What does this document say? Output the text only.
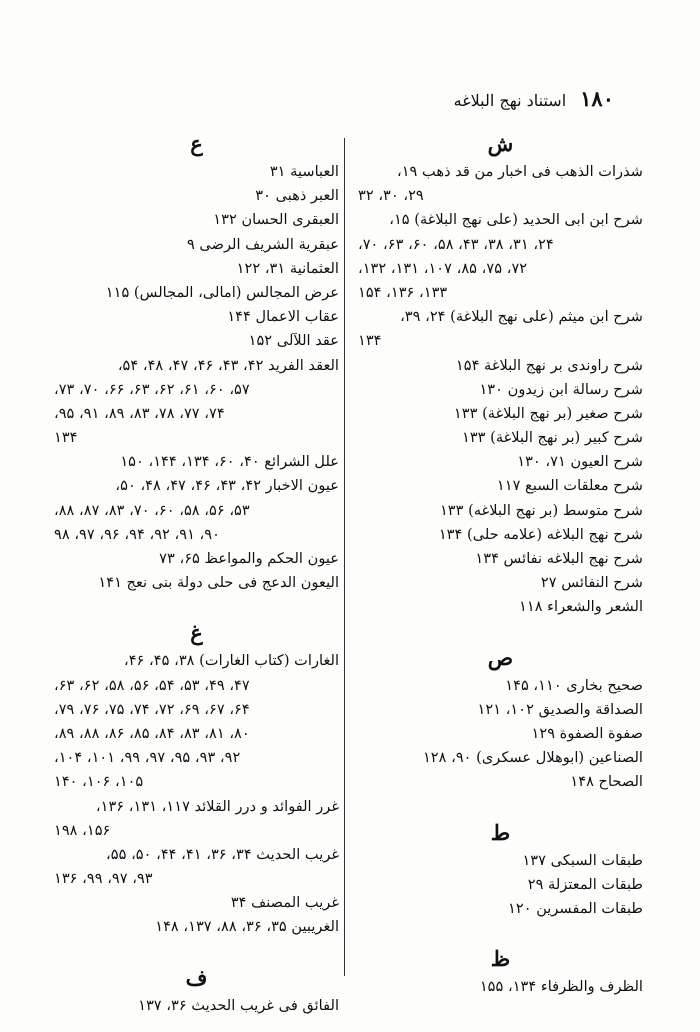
۱۸۰
استناد نهج البلاغه
ش
شذرات الذهب فی اخبار من قد ذهب ۱۹،
۲۹، ۳۰، ۳۲
شرح ابن ابی الحدید (علی نهج البلاغة) ۱۵،
۲۴، ۳۱، ۳۸، ۴۳، ۵۸، ۶۰، ۶۳، ۷۰،
۷۲، ۷۵، ۸۵، ۱۰۷، ۱۳۱، ۱۳۲،
۱۳۳، ۱۳۶، ۱۵۴
شرح ابن میثم (علی نهج البلاغة) ۲۴، ۳۹،
۱۳۴
شرح راوندی بر نهج البلاغة ۱۵۴
شرح رسالة ابن زیدون ۱۳۰
شرح صغیر (بر نهج البلاغة) ۱۳۳
شرح کبیر (بر نهج البلاغة) ۱۳۳
شرح العیون ۷۱، ۱۳۰
شرح معلقات السبع ۱۱۷
شرح متوسط (بر نهج البلاغه) ۱۳۳
شرح نهج البلاغه (علامه حلی) ۱۳۴
شرح نهج البلاغه نفائس ۱۳۴
شرح النفائس ۲۷
الشعر والشعراء ۱۱۸
ص
صحیح بخاری ۱۱۰، ۱۴۵
الصداقة والصدیق ۱۰۲، ۱۲۱
صفوة الصفوة ۱۲۹
الصناعین (ابوهلال عسکری) ۹۰، ۱۲۸
الصحاح ۱۴۸
ط
طبقات السبکی ۱۳۷
طبقات المعتزلة ۲۹
طبقات المفسرین ۱۲۰
ظ
الظرف والظرفاء ۱۳۴، ۱۵۵
ع
العباسیة ۳۱
العبر ذهبی ۳۰
العبقری الحسان ۱۳۲
عبقریة الشریف الرضی ۹
العثمانیة ۳۱، ۱۲۲
عرض المجالس (امالی، المجالس) ۱۱۵
عقاب الاعمال ۱۴۴
عقد اللآلی ۱۵۲
العقد الفرید ۴۲، ۴۳، ۴۶، ۴۷، ۴۸، ۵۴،
۵۷، ۶۰، ۶۱، ۶۲، ۶۳، ۶۶، ۷۰، ۷۳،
۷۴، ۷۷، ۷۸، ۸۳، ۸۹، ۹۱، ۹۵،
۱۳۴
علل الشرائع ۴۰، ۶۰، ۱۳۴، ۱۴۴، ۱۵۰
عیون الاخبار ۴۲، ۴۳، ۴۶، ۴۷، ۴۸، ۵۰،
۵۳، ۵۶، ۵۸، ۶۰، ۷۰، ۸۳، ۸۷، ۸۸،
۹۰، ۹۱، ۹۲، ۹۴، ۹۶، ۹۷، ۹۸
عیون الحکم والمواعظ ۶۵، ۷۳
الیعون الدعج فی حلی دولة بنی نعج ۱۴۱
غ
الغارات (کتاب الغارات) ۳۸، ۴۵، ۴۶،
۴۷، ۴۹، ۵۳، ۵۴، ۵۶، ۵۸، ۶۲، ۶۳،
۶۴، ۶۷، ۶۹، ۷۲، ۷۴، ۷۵، ۷۶، ۷۹،
۸۰، ۸۱، ۸۳، ۸۴، ۸۵، ۸۶، ۸۸، ۸۹،
۹۲، ۹۳، ۹۵، ۹۷، ۹۹، ۱۰۱، ۱۰۴،
۱۰۵، ۱۰۶، ۱۴۰
غرر الفوائد و درر القلائد ۱۱۷، ۱۳۱، ۱۳۶،
۱۵۶، ۱۹۸
غریب الحدیث ۳۴، ۳۶، ۴۱، ۴۴، ۵۰، ۵۵،
۹۳، ۹۷، ۹۹، ۱۳۶
غریب المصنف ۳۴
الغریبین ۳۵، ۳۶، ۸۸، ۱۳۷، ۱۴۸
ف
الفائق فی غریب الحدیث ۳۶، ۱۳۷
